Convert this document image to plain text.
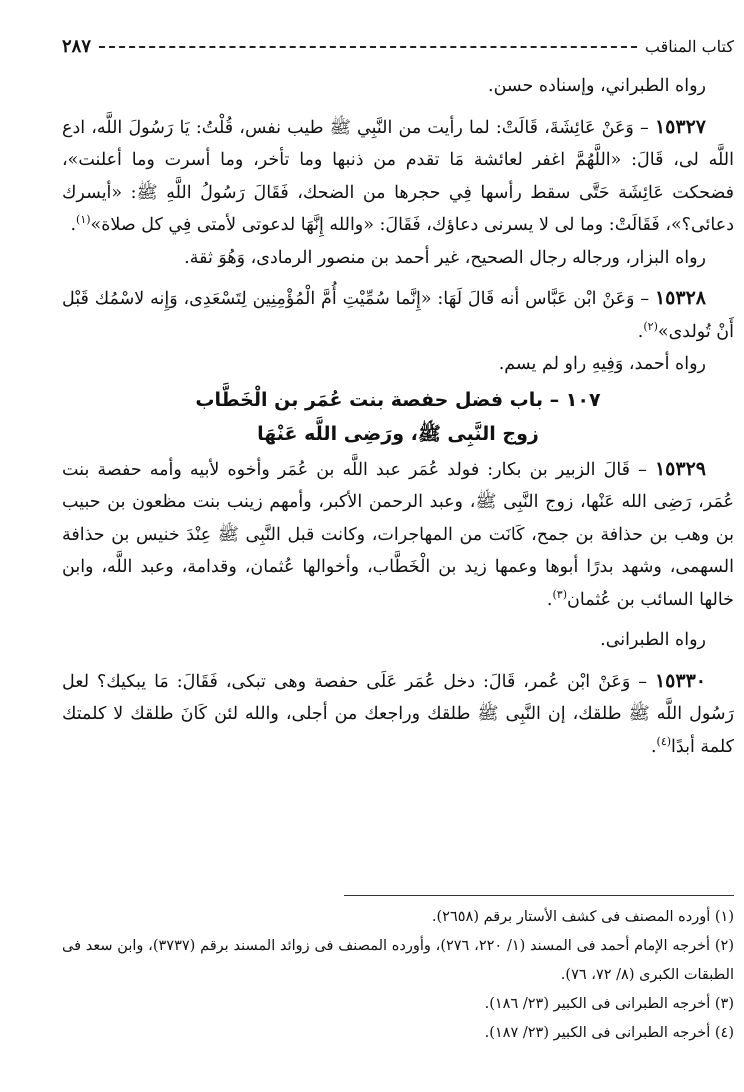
كتاب المناقب
٢٨٧

رواه الطبراني، وإسناده حسن.

١٥٣٢٧ – وَعَنْ عَائِشَةَ، قَالَتْ: لما رأيت من النَّبِي ﷺ طيب نفس، قُلْتُ: يَا رَسُولَ اللَّه، ادع اللَّه لى، قَالَ: «اللَّهُمَّ اغفر لعائشة مَا تقدم من ذنبها وما تأخر، وما أسرت وما أعلنت»، فضحكت عَائِشَة حَتَّى سقط رأسها فِي حجرها من الضحك، فَقَالَ رَسُولُ اللَّهِ ﷺ: «أيسرك دعائى؟»، فَقَالَتْ: وما لى لا يسرنى دعاؤك، فَقَالَ: «والله إِنَّهَا لدعوتى لأمتى فِي كل صلاة»$^{(١)}$.

رواه البزار، ورجاله رجال الصحيح، غير أحمد بن منصور الرمادى، وَهُوَ ثقة.

١٥٣٢٨ – وَعَنْ ابْن عَبَّاس أنه قَالَ لَهَا: «إِنَّما سُمِّيْتِ أُمَّ الْمُؤْمِنِين لِتَسْعَدِى، وَإِنه لاسْمُك قَبْل أَنْ تُولدى»$^{(٢)}$.

رواه أحمد، وَفِيهِ راو لم يسم.

١٠٧ – باب فضل حفصة بنت عُمَر بن الْخَطَّاب
زوج النَّبِى ﷺ، ورَضِى اللَّه عَنْهَا

١٥٣٢٩ – قَالَ الزبير بن بكار: فولد عُمَر عبد اللَّه بن عُمَر وأخوه لأبيه وأمه حفصة بنت عُمَر، رَضِى الله عَنْها، زوج النَّبِى ﷺ، وعبد الرحمن الأكبر، وأمهم زينب بنت مظعون بن حبيب بن وهب بن حذافة بن جمح، كَانَت من المهاجرات، وكانت قبل النَّبِى ﷺ عِنْدَ خنيس بن حذافة السهمى، وشهد بدرًا أبوها وعمها زيد بن الْخَطَّاب، وأخوالها عُثمان، وقدامة، وعبد اللَّه، وابن خالها السائب بن عُثمان$^{(٣)}$.

رواه الطبرانى.

١٥٣٣٠ – وَعَنْ ابْن عُمر، قَالَ: دخل عُمَر عَلَى حفصة وهى تبكى، فَقَالَ: مَا يبكيك؟ لعل رَسُول اللَّه ﷺ طلقك، إن النَّبِى ﷺ طلقك وراجعك من أجلى، والله لئن كَانَ طلقك لا كلمتك كلمة أبدًا$^{(٤)}$.

(١) أورده المصنف فى كشف الأستار برقم (٢٦٥٨).

(٢) أخرجه الإمام أحمد فى المسند (١/ ٢٢٠، ٢٧٦)، وأورده المصنف فى زوائد المسند برقم (٣٧٣٧)، وابن سعد فى الطبقات الكبرى (٨/ ٧٢، ٧٦).

(٣) أخرجه الطبرانى فى الكبير (٢٣/ ١٨٦).

(٤) أخرجه الطبرانى فى الكبير (٢٣/ ١٨٧).
